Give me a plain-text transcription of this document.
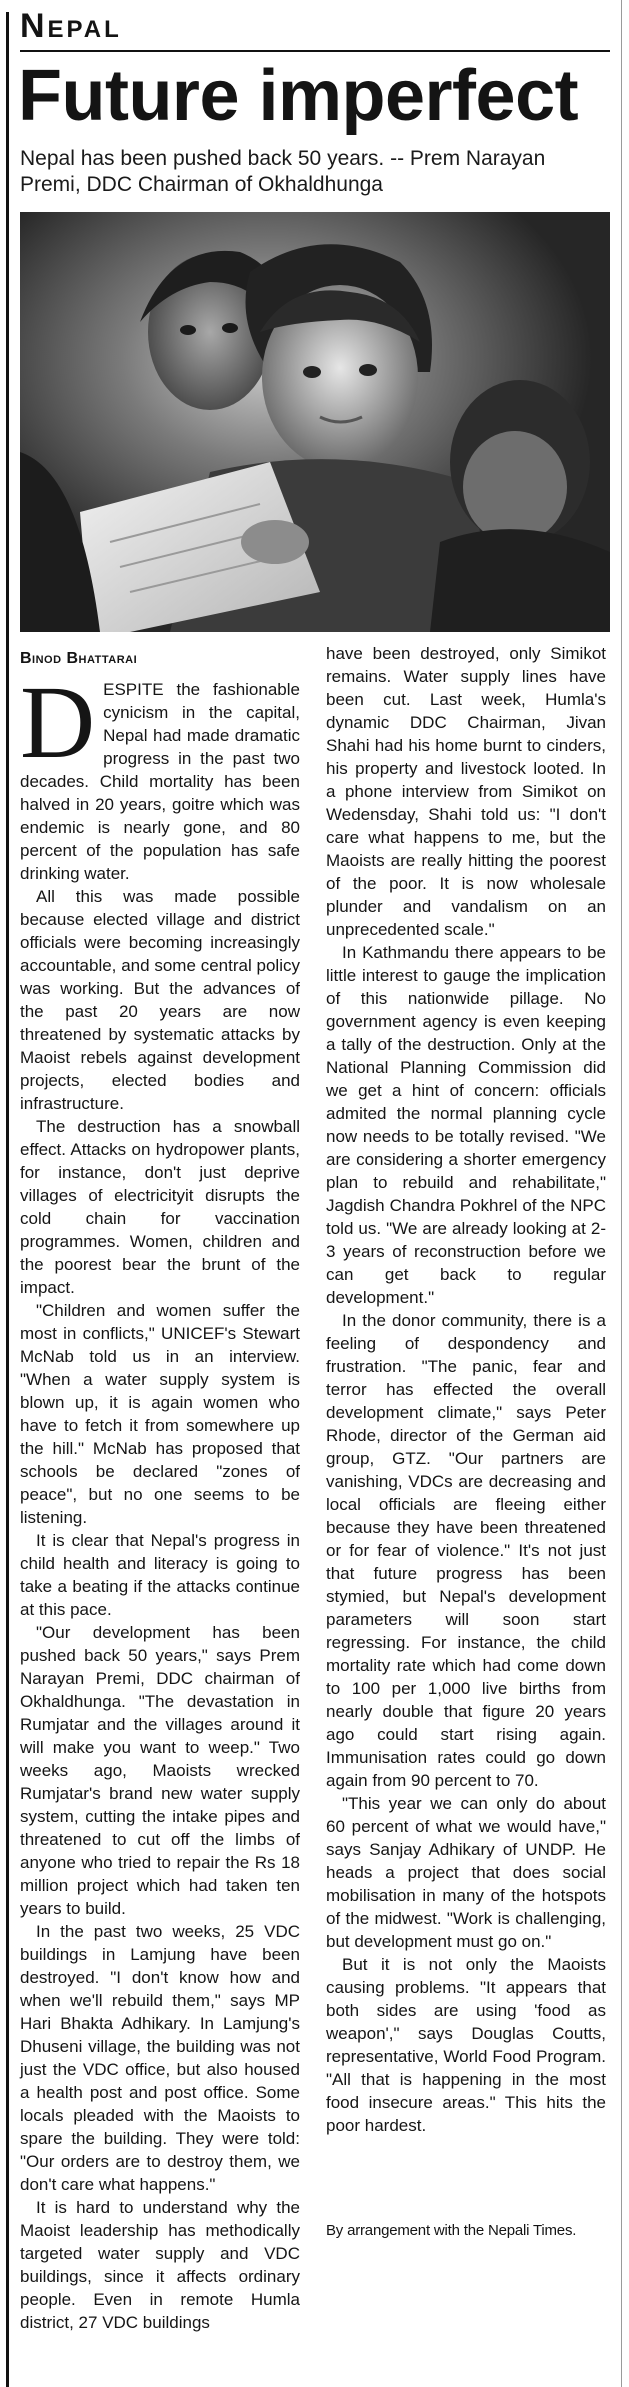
Nepal
Future imperfect
Nepal has been pushed back 50 years. -- Prem Narayan Premi, DDC Chairman of Okhaldhunga
Binod Bhattarai

DESPITE the fashionable cynicism in the capital, Nepal had made dramatic progress in the past two decades. Child mortality has been halved in 20 years, goitre which was endemic is nearly gone, and 80 percent of the population has safe drinking water.

All this was made possible because elected village and district officials were becoming increasingly accountable, and some central policy was working. But the advances of the past 20 years are now threatened by systematic attacks by Maoist rebels against development projects, elected bodies and infrastructure.

The destruction has a snowball effect. Attacks on hydropower plants, for instance, don't just deprive villages of electricityit disrupts the cold chain for vaccination programmes. Women, children and the poorest bear the brunt of the impact.

"Children and women suffer the most in conflicts," UNICEF's Stewart McNab told us in an interview. "When a water supply system is blown up, it is again women who have to fetch it from somewhere up the hill." McNab has proposed that schools be declared "zones of peace", but no one seems to be listening.

It is clear that Nepal's progress in child health and literacy is going to take a beating if the attacks continue at this pace.

"Our development has been pushed back 50 years," says Prem Narayan Premi, DDC chairman of Okhaldhunga. "The devastation in Rumjatar and the villages around it will make you want to weep." Two weeks ago, Maoists wrecked Rumjatar's brand new water supply system, cutting the intake pipes and threatened to cut off the limbs of anyone who tried to repair the Rs 18 million project which had taken ten years to build.

In the past two weeks, 25 VDC buildings in Lamjung have been destroyed. "I don't know how and when we'll rebuild them," says MP Hari Bhakta Adhikary. In Lamjung's Dhuseni village, the building was not just the VDC office, but also housed a health post and post office. Some locals pleaded with the Maoists to spare the building. They were told: "Our orders are to destroy them, we don't care what happens."

It is hard to understand why the Maoist leadership has methodically targeted water supply and VDC buildings, since it affects ordinary people. Even in remote Humla district, 27 VDC buildings

have been destroyed, only Simikot remains. Water supply lines have been cut. Last week, Humla's dynamic DDC Chairman, Jivan Shahi had his home burnt to cinders, his property and livestock looted. In a phone interview from Simikot on Wedensday, Shahi told us: "I don't care what happens to me, but the Maoists are really hitting the poorest of the poor. It is now wholesale plunder and vandalism on an unprecedented scale."

In Kathmandu there appears to be little interest to gauge the implication of this nationwide pillage. No government agency is even keeping a tally of the destruction. Only at the National Planning Commission did we get a hint of concern: officials admited the normal planning cycle now needs to be totally revised. "We are considering a shorter emergency plan to rebuild and rehabilitate," Jagdish Chandra Pokhrel of the NPC told us. "We are already looking at 2-3 years of reconstruction before we can get back to regular development."

In the donor community, there is a feeling of despondency and frustration. "The panic, fear and terror has effected the overall development climate," says Peter Rhode, director of the German aid group, GTZ. "Our partners are vanishing, VDCs are decreasing and local officials are fleeing either because they have been threatened or for fear of violence." It's not just that future progress has been stymied, but Nepal's development parameters will soon start regressing. For instance, the child mortality rate which had come down to 100 per 1,000 live births from nearly double that figure 20 years ago could start rising again. Immunisation rates could go down again from 90 percent to 70.

"This year we can only do about 60 percent of what we would have," says Sanjay Adhikary of UNDP. He heads a project that does social mobilisation in many of the hotspots of the midwest. "Work is challenging, but development must go on."

But it is not only the Maoists causing problems. "It appears that both sides are using 'food as weapon'," says Douglas Coutts, representative, World Food Program. "All that is happening in the most food insecure areas." This hits the poor hardest.

By arrangement with the Nepali Times.
